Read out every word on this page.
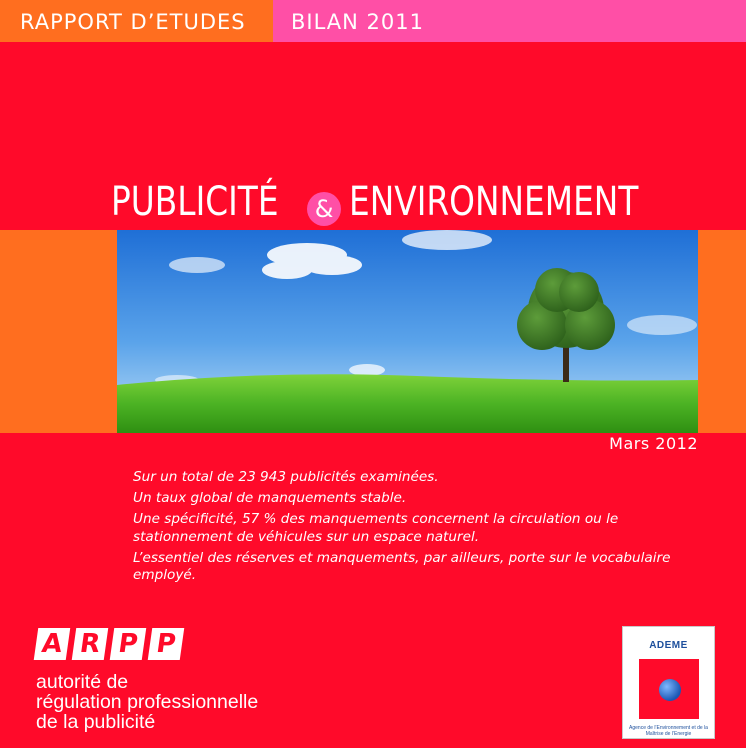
RAPPORT D’ETUDES	BILAN 2011
PUBLICITÉ & ENVIRONNEMENT
Mars 2012

Sur un total de 23 943 publicités examinées.

Un taux global de manquements stable.

Une spécificité, 57 % des manquements concernent la circulation ou le stationnement de véhicules sur un espace naturel.

L’essentiel des réserves et manquements, par ailleurs, porte sur le vocabulaire employé.

A R P P
autorité de
régulation professionnelle
de la publicité
ADEME
Agence de l’Environnement et de la Maîtrise de l’Energie
